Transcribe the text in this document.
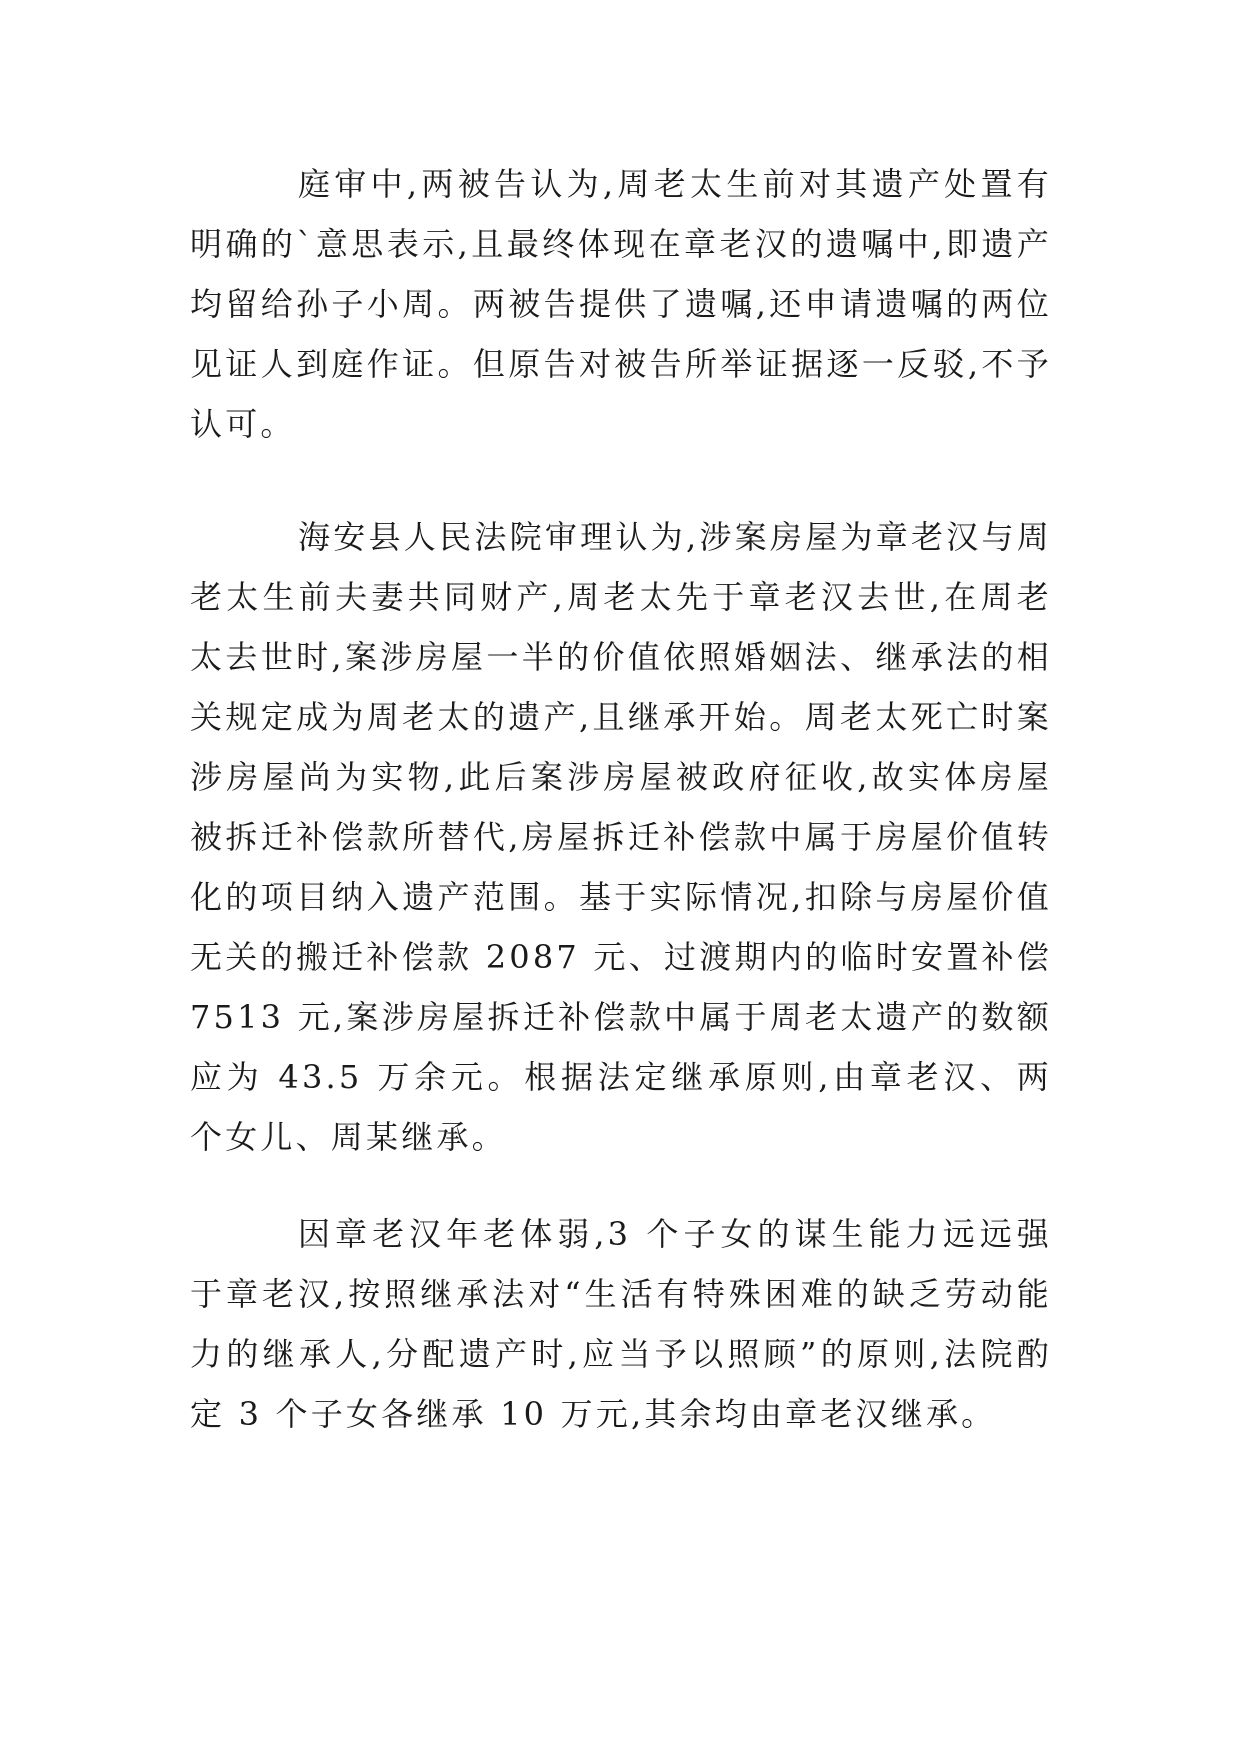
庭审中,两被告认为,周老太生前对其遗产处置有明确的`意思表示,且最终体现在章老汉的遗嘱中,即遗产均留给孙子小周。两被告提供了遗嘱,还申请遗嘱的两位见证人到庭作证。但原告对被告所举证据逐一反驳,不予认可。

海安县人民法院审理认为,涉案房屋为章老汉与周老太生前夫妻共同财产,周老太先于章老汉去世,在周老太去世时,案涉房屋一半的价值依照婚姻法、继承法的相关规定成为周老太的遗产,且继承开始。周老太死亡时案涉房屋尚为实物,此后案涉房屋被政府征收,故实体房屋被拆迁补偿款所替代,房屋拆迁补偿款中属于房屋价值转化的项目纳入遗产范围。基于实际情况,扣除与房屋价值无关的搬迁补偿款 2087 元、过渡期内的临时安置补偿 7513 元,案涉房屋拆迁补偿款中属于周老太遗产的数额应为 43.5 万余元。根据法定继承原则,由章老汉、两个女儿、周某继承。

因章老汉年老体弱,3 个子女的谋生能力远远强于章老汉,按照继承法对“生活有特殊困难的缺乏劳动能力的继承人,分配遗产时,应当予以照顾”的原则,法院酌定 3 个子女各继承 10 万元,其余均由章老汉继承。
